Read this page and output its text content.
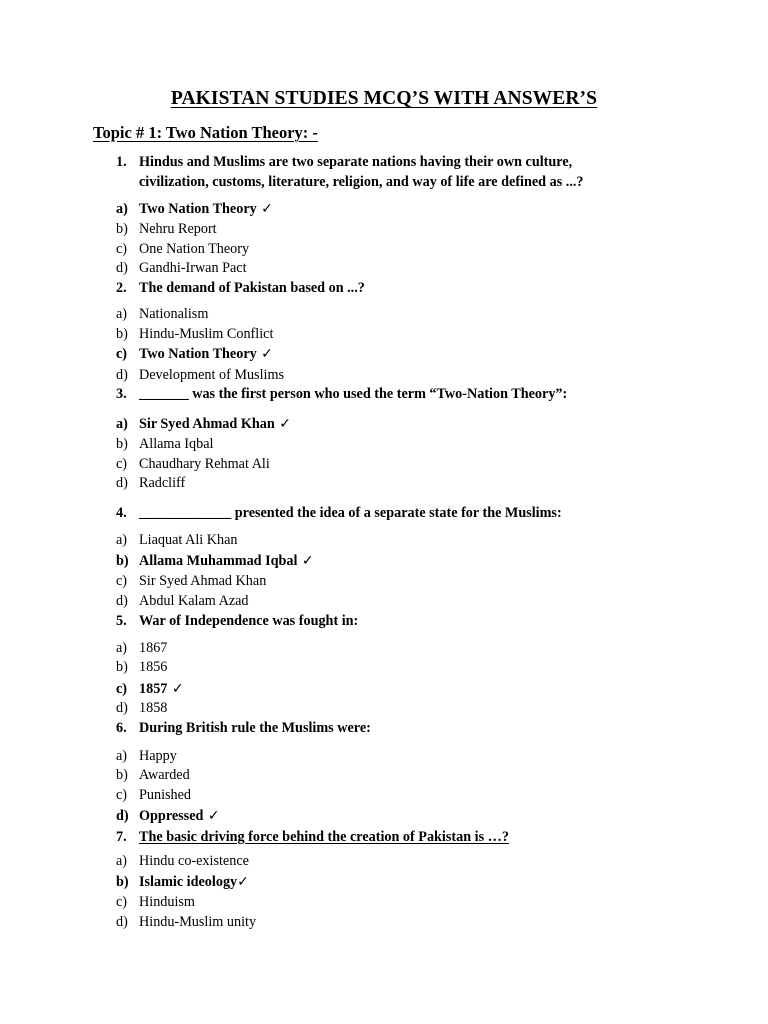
PAKISTAN STUDIES MCQ’S WITH ANSWER’S
Topic # 1: Two Nation Theory: -
1. Hindus and Muslims are two separate nations having their own culture, civilization, customs, literature, religion, and way of life are defined as ...?
a) Two Nation Theory ✓
b) Nehru Report
c) One Nation Theory
d) Gandhi-Irwan Pact
2. The demand of Pakistan based on ...?
a) Nationalism
b) Hindu-Muslim Conflict
c) Two Nation Theory ✓
d) Development of Muslims
3. _______ was the first person who used the term “Two-Nation Theory”:
a) Sir Syed Ahmad Khan ✓
b) Allama Iqbal
c) Chaudhary Rehmat Ali
d) Radcliff
4. _____________ presented the idea of a separate state for the Muslims:
a) Liaquat Ali Khan
b) Allama Muhammad Iqbal ✓
c) Sir Syed Ahmad Khan
d) Abdul Kalam Azad
5. War of Independence was fought in:
a) 1867
b) 1856
c) 1857 ✓
d) 1858
6. During British rule the Muslims were:
a) Happy
b) Awarded
c) Punished
d) Oppressed ✓
7. The basic driving force behind the creation of Pakistan is …?
a) Hindu co-existence
b) Islamic ideology✓
c) Hinduism
d) Hindu-Muslim unity
